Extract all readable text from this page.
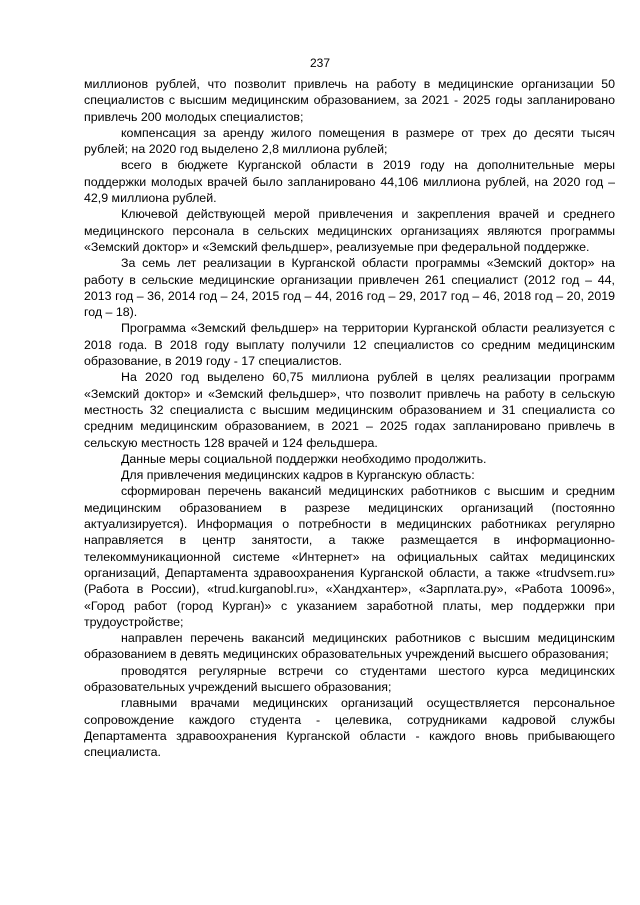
237

миллионов рублей, что позволит привлечь на работу в медицинские организации 50 специалистов с высшим медицинским образованием, за 2021 - 2025 годы запланировано привлечь 200 молодых специалистов;

компенсация за аренду жилого помещения в размере от трех до десяти тысяч рублей; на 2020 год выделено 2,8 миллиона рублей;

всего в бюджете Курганской области в 2019 году на дополнительные меры поддержки молодых врачей было запланировано 44,106 миллиона рублей, на 2020 год – 42,9 миллиона рублей.

Ключевой действующей мерой привлечения и закрепления врачей и среднего медицинского персонала в сельских медицинских организациях являются программы «Земский доктор» и «Земский фельдшер», реализуемые при федеральной поддержке.

За семь лет реализации в Курганской области программы «Земский доктор» на работу в сельские медицинские организации привлечен 261 специалист (2012 год – 44, 2013 год – 36, 2014 год – 24, 2015 год – 44, 2016 год – 29, 2017 год – 46, 2018 год – 20, 2019 год – 18).

Программа «Земский фельдшер» на территории Курганской области реализуется с 2018 года. В 2018 году выплату получили 12 специалистов со средним медицинским образование, в 2019 году - 17 специалистов.

На 2020 год выделено 60,75 миллиона рублей в целях реализации программ «Земский доктор» и «Земский фельдшер», что позволит привлечь на работу в сельскую местность 32 специалиста с высшим медицинским образованием и 31 специалиста со средним медицинским образованием, в 2021 – 2025 годах запланировано привлечь в сельскую местность 128 врачей и 124 фельдшера.

Данные меры социальной поддержки необходимо продолжить.

Для привлечения медицинских кадров в Курганскую область:

сформирован перечень вакансий медицинских работников с высшим и средним медицинским образованием в разрезе медицинских организаций (постоянно актуализируется). Информация о потребности в медицинских работниках регулярно направляется в центр занятости, а также размещается в информационно-телекоммуникационной системе «Интернет» на официальных сайтах медицинских организаций, Департамента здравоохранения Курганской области, а также «trudvsem.ru» (Работа в России), «trud.kurganobl.ru», «Хандхантер», «Зарплата.ру», «Работа 10096», «Город работ (город Курган)» с указанием заработной платы, мер поддержки при трудоустройстве;

направлен перечень вакансий медицинских работников с высшим медицинским образованием в девять медицинских образовательных учреждений высшего образования;

проводятся регулярные встречи со студентами шестого курса медицинских образовательных учреждений высшего образования;

главными врачами медицинских организаций осуществляется персональное сопровождение каждого студента - целевика, сотрудниками кадровой службы Департамента здравоохранения Курганской области - каждого вновь прибывающего специалиста.
